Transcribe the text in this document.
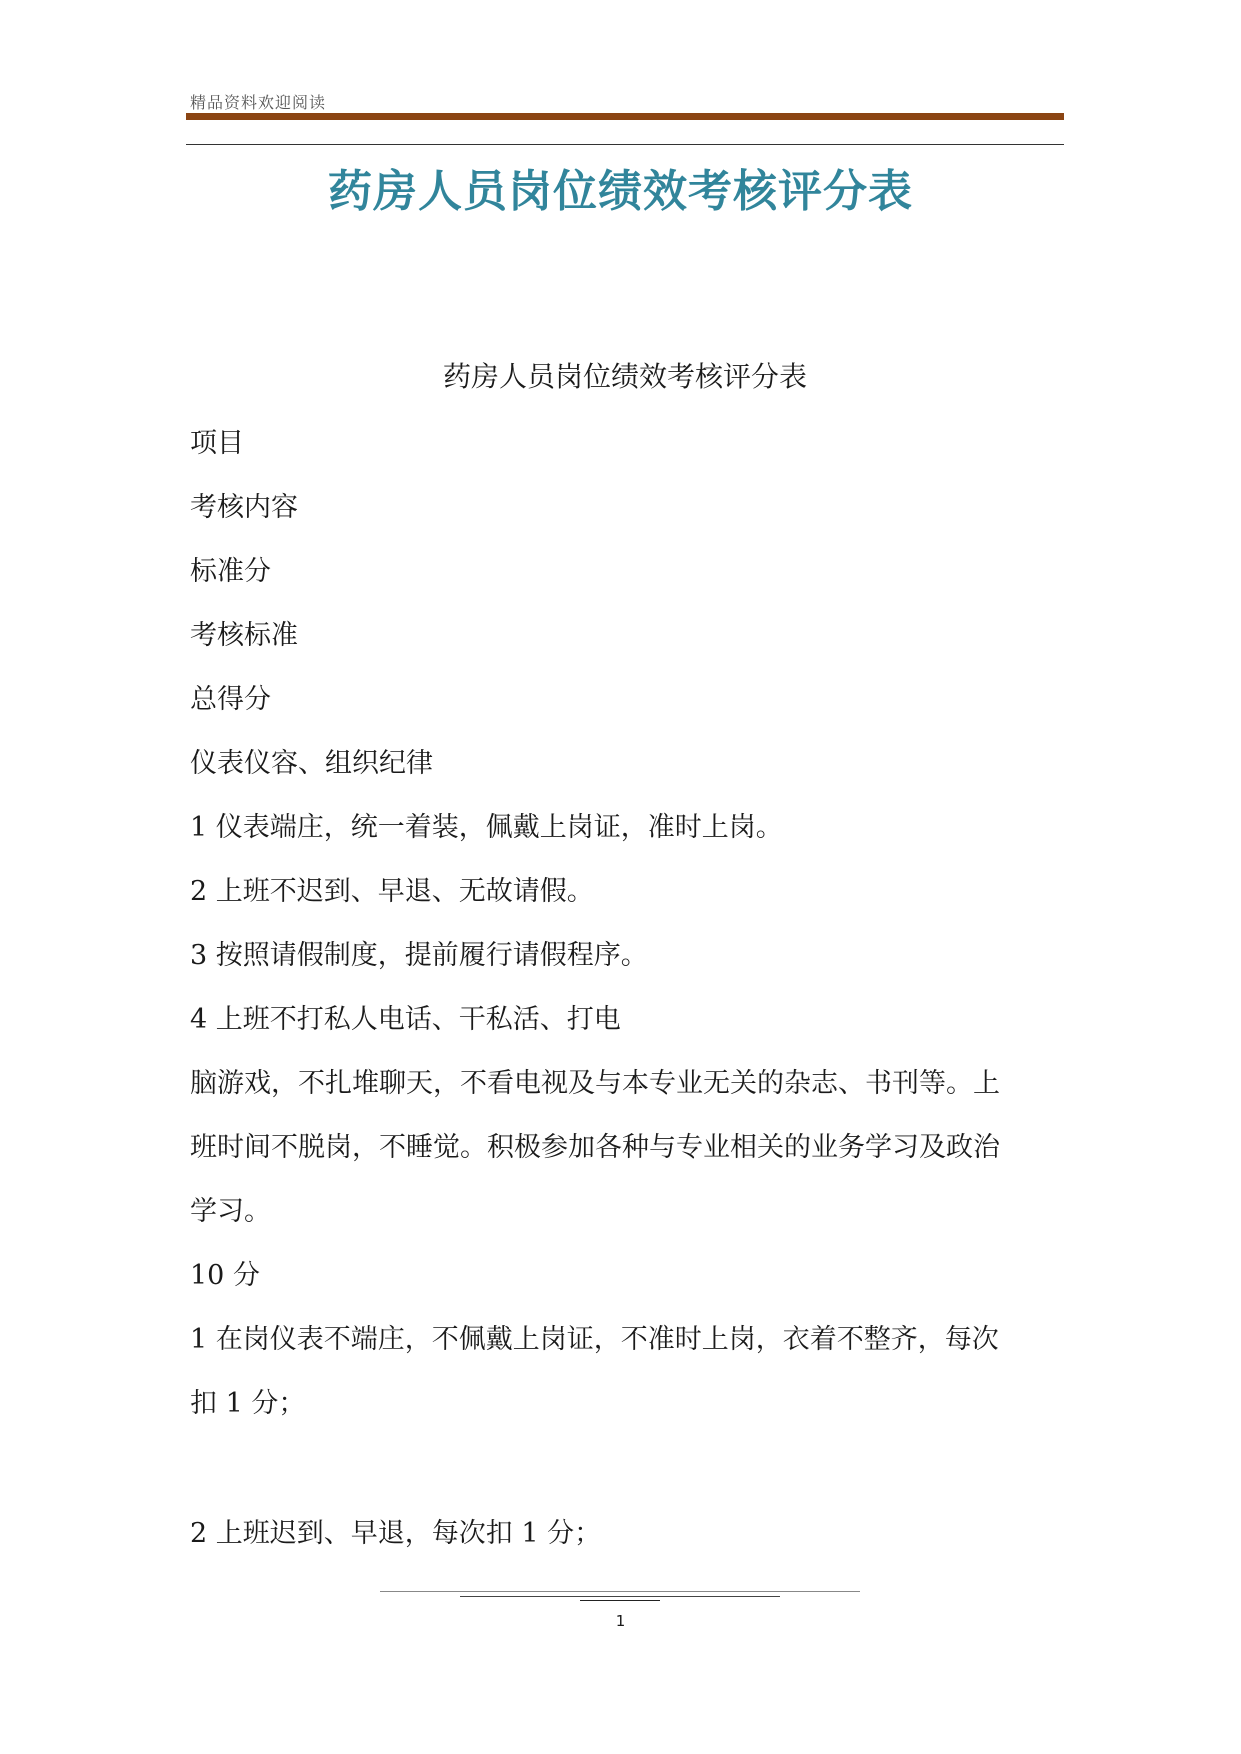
精品资料欢迎阅读
药房人员岗位绩效考核评分表
药房人员岗位绩效考核评分表
项目
考核内容
标准分
考核标准
总得分
仪表仪容、组织纪律
1 仪表端庄，统一着装，佩戴上岗证，准时上岗。
2 上班不迟到、早退、无故请假。
3 按照请假制度，提前履行请假程序。
4 上班不打私人电话、干私活、打电
脑游戏，不扎堆聊天，不看电视及与本专业无关的杂志、书刊等。上
班时间不脱岗，不睡觉。积极参加各种与专业相关的业务学习及政治
学习。
10 分
1 在岗仪表不端庄，不佩戴上岗证，不准时上岗，衣着不整齐，每次
扣 1 分；
2 上班迟到、早退，每次扣 1 分；
1
